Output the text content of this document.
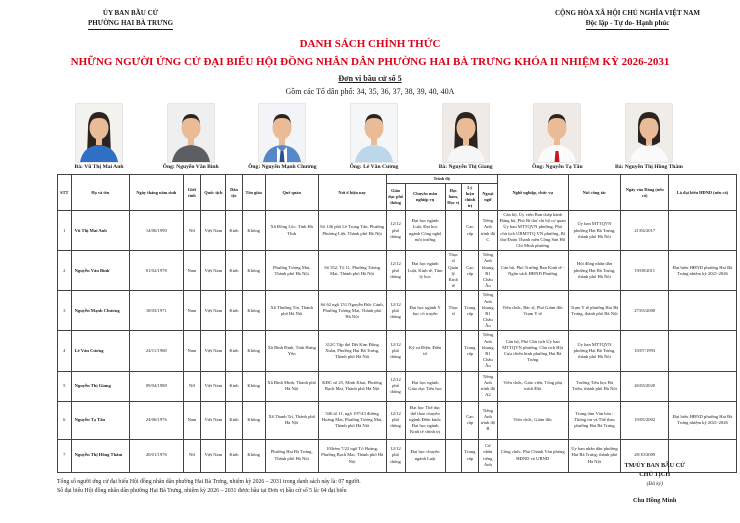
ỦY BAN BẦU CỬ
PHƯỜNG HAI BÀ TRƯNG
CỘNG HÒA XÃ HỘI CHỦ NGHĨA VIỆT NAM
Độc lập - Tự do- Hạnh phúc
DANH SÁCH CHÍNH THỨC
NHỮNG NGƯỜI ỨNG CỬ ĐẠI BIỂU HỘI ĐỒNG NHÂN DÂN PHƯỜNG HAI BÀ TRƯNG KHÓA II NHIỆM KỲ 2026-2031
Đơn vị bầu cử số 5
Gồm các Tổ dân phố: 34, 35, 36, 37, 38, 39, 40, 40A
Bà: Vũ Thị Mai Anh	Ông: Nguyễn Văn Bình	Ông: Nguyễn Mạnh Chương	Ông: Lê Văn Cương	Bà: Nguyễn Thị Giang	Ông: Nguyễn Tạ Tấn	Bà: Nguyễn Thị Hồng Thắm
STT	Họ và tên	Ngày tháng năm sinh	Giới tính	Quốc tịch	Dân tộc	Tôn giáo	Quê quán	Nơi ở hiện nay	Trình độ					Nghề nghiệp, chức vụ	Nơi công tác	Ngày vào Đảng (nếu có)	Là đại biểu HĐND (nếu có)
									Giáo dục phổ thông	Chuyên môn nghiệp vụ	Học hàm, Học vị	Lý luận chính trị	Ngoại ngữ				
1	Vũ Thị Mai Anh	14/06/1990	Nữ	Việt Nam	Kinh	Không	Xã Đồng Lộc, Tỉnh Hà Tĩnh	Số 146 phố Lê Trọng Tấn, Phường Phương Liệt, Thành phố Hà Nội	12/12 phổ thông	Đại học ngành Luật, Đại học ngành Công nghệ môi trường		Cao cấp	Tiếng Anh trình độ C	Cán bộ, Ủy viên Ban chấp hành Đảng bộ, Phó Bí thư chi bộ cơ quan Ủy ban MTTQVN phường, Phó chủ tịch UBMTTQ VN phường, Bí thư Đoàn Thanh niên Cộng Sản Hồ Chí Minh phường	Ủy ban MTTQVN phường Hai Bà Trưng, thành phố Hà Nội	21/04/2017	
2	Nguyễn Văn Bình	01/02/1978	Nam	Việt Nam	Kinh	Không	Phường Tương Mai, Thành phố Hà Nội	Số 552, Tổ 11, Phường Tương Mai, Thành phố Hà Nội	12/12 phổ thông	Đại học ngành Luật, Kinh tế, Tâm lý học	Thạc sĩ Quản lý Kinh tế	Cao cấp	Tiếng Anh khung B1 Châu Âu	Cán bộ, Phó Trưởng Ban Kinh tế - Ngân sách HĐND Phường	Hội đồng nhân dân phường Hai Bà Trưng, thành phố Hà Nội	19/08/2011	Đại biểu HĐND phường Hai Bà Trưng nhiệm kỳ 2021-2026
3	Nguyễn Mạnh Chương	18/03/1971	Nam	Việt Nam	Kinh	Không	Xã Thường Tín, Thành phố Hà Nội	Số 62 ngõ 151 Nguyễn Đức Cảnh, Phường Tương Mai, Thành phố Hà Nội	12/12 phổ thông	Đại học ngành Y học cổ truyền	Thạc sĩ	Trung cấp	Tiếng Anh khung B1 Châu Âu	Viên chức, Bác sĩ, Phó Giám đốc Trạm Y tế	Trạm Y tế phường Hai Bà Trưng, thành phố Hà Nội	27/03/2000	
4	Lê Văn Cương	24/11/1968	Nam	Việt Nam	Kinh	Không	Xã Bình Định, Tỉnh Hưng Yên	312C Tập thể Dệt Kim Đông Xuân, Phường Hai Bà Trưng, Thành phố Hà Nội	12/12 phổ thông	Kỹ sư Điện, Điện tử		Trung cấp	Tiếng Anh khung B1 Châu Âu	Cán bộ, Phó Chủ tịch Ủy ban MTTQVN phường, Chủ tịch Hội Cựu chiến binh phường Hai Bà Trưng	Ủy ban MTTQVN phường Hai Bà Trưng, thành phố Hà Nội	10/07/1993	
5	Nguyễn Thị Giang	09/04/1988	Nữ	Việt Nam	Kinh	Không	Xã Bình Minh, Thành phố Hà Nội	KĐC số 25, Minh Khai, Phường Bạch Mai, Thành phố Hà Nội	12/12 phổ thông	Đại học ngành Giáo dục Tiểu học			Tiếng Anh trình độ A2	Viên chức, Giáo viên, Tổng phụ trách Đội	Trường Tiểu học Bà Triệu, thành phố Hà Nội	26/03/2020	
6	Nguyễn Tạ Tấn	24/06/1976	Nam	Việt Nam	Kinh	Không	Xã Thanh Trì, Thành phố Hà Nội	546 tổ 11, ngõ 197/43 đường Hoàng Mai, Phường Tương Mai, Thành phố Hà Nội	12/12 phổ thông	Đại học Thể dục thể thao chuyên ngành Điền kinh; Đại học ngành Kinh tế chính trị		Cao cấp	Tiếng Anh trình độ B	Viên chức, Giám đốc	Trung tâm Văn hóa - Thông tin và Thể thao phường Hai Bà Trưng	19/05/2002	Đại biểu HĐND phường Hai Bà Trưng nhiệm kỳ 2021-2026
7	Nguyễn Thị Hồng Thắm	20/01/1976	Nữ	Việt Nam	Kinh	Không	Phường Hai Bà Trưng, Thành phố Hà Nội	10/hẻm 7/22 ngõ Tô Hoàng, Phường Bạch Mai, Thành phố Hà Nội	12/12 phổ thông	Đại học chuyên ngành Luật		Trung cấp	Cử nhân tiếng Anh	Công chức, Phó Chánh Văn phòng HĐND và UBND	Ủy ban nhân dân phường Hai Bà Trưng, thành phố Hà Nội	28/10/2009	
Tổng số người ứng cử đại biểu Hội đồng nhân dân phường Hai Bà Trưng, nhiệm kỳ 2026 – 2031 trong danh sách này là: 07 người.
Số đại biểu Hội đồng nhân dân phường Hai Bà Trưng, nhiệm kỳ 2026 – 2031 được bầu tại Đơn vị bầu cử số 5 là: 04 đại biểu
TM/ỦY BAN BẦU CỬ
CHỦ TỊCH
(Đã ký)
Chu Hồng Minh
